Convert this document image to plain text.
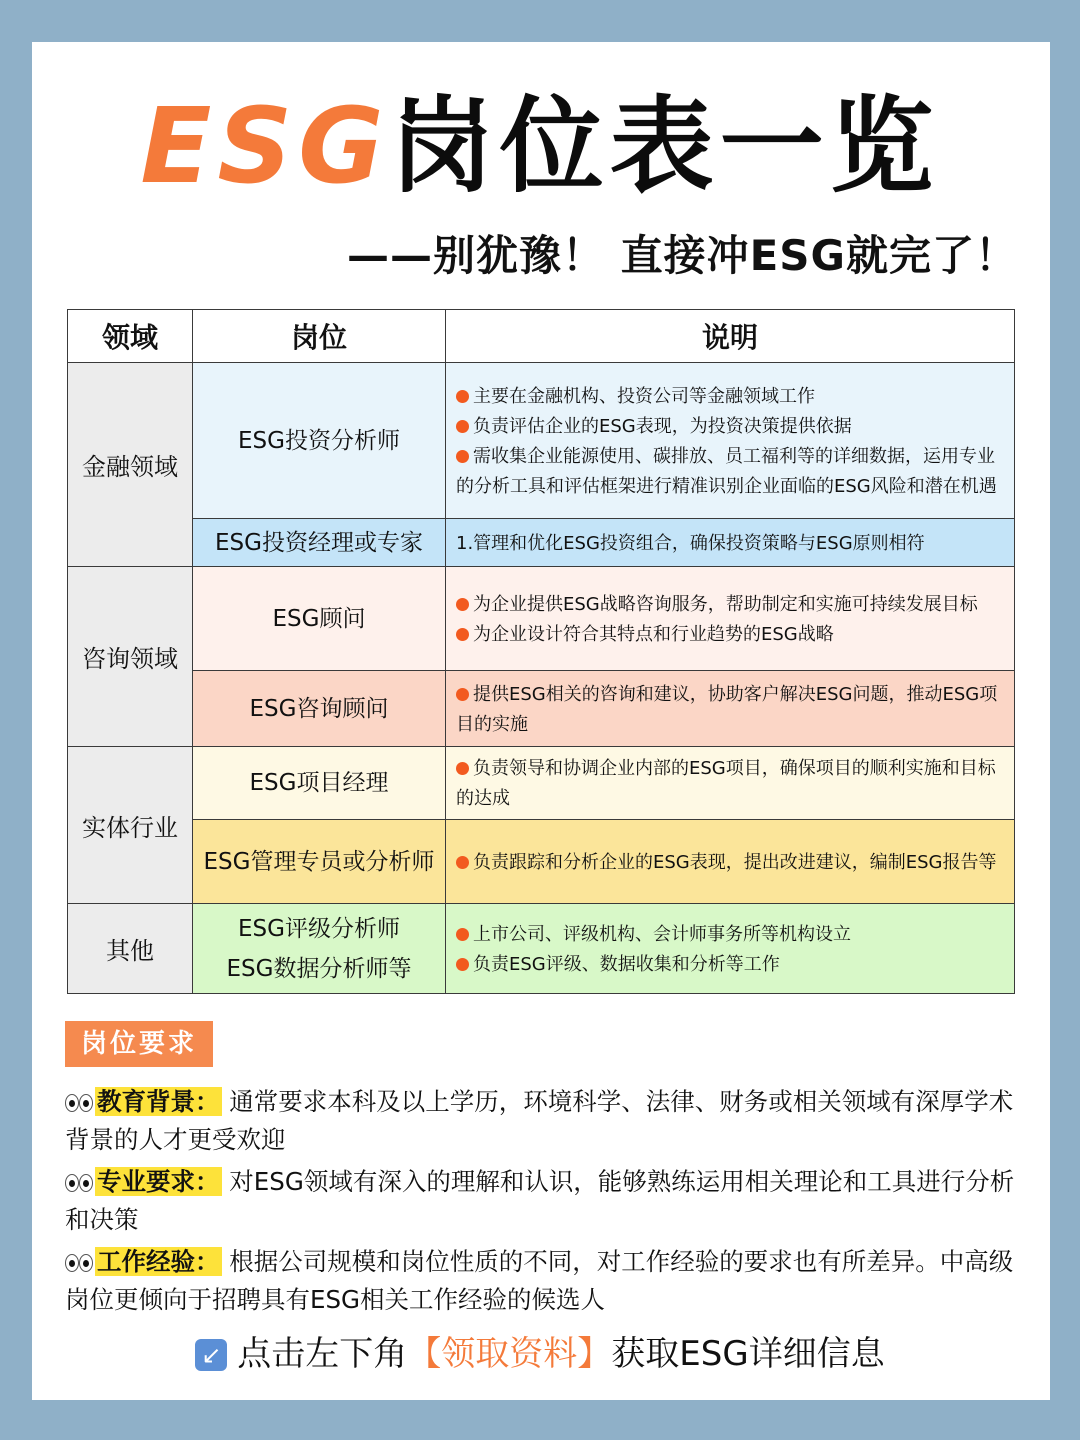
ESG岗位表一览
——别犹豫！ 直接冲ESG就完了！
领域	岗位	说明
金融领域	ESG投资分析师	主要在金融机构、投资公司等金融领域工作
负责评估企业的ESG表现，为投资决策提供依据
需收集企业能源使用、碳排放、员工福利等的详细数据，运用专业的分析工具和评估框架进行精准识别企业面临的ESG风险和潜在机遇

	ESG投资经理或专家	1.管理和优化ESG投资组合，确保投资策略与ESG原则相符

咨询领域	ESG顾问	为企业提供ESG战略咨询服务，帮助制定和实施可持续发展目标
为企业设计符合其特点和行业趋势的ESG战略

	ESG咨询顾问	提供ESG相关的咨询和建议，协助客户解决ESG问题，推动ESG项目的实施

实体行业	ESG项目经理	负责领导和协调企业内部的ESG项目，确保项目的顺利实施和目标的达成

	ESG管理专员或分析师	负责跟踪和分析企业的ESG表现，提出改进建议，编制ESG报告等

其他	ESG评级分析师
ESG数据分析师等	上市公司、评级机构、会计师事务所等机构设立
负责ESG评级、数据收集和分析等工作
岗位要求
教育背景： 通常要求本科及以上学历，环境科学、法律、财务或相关领域有深厚学术背景的人才更受欢迎
专业要求： 对ESG领域有深入的理解和认识，能够熟练运用相关理论和工具进行分析和决策
工作经验： 根据公司规模和岗位性质的不同，对工作经验的要求也有所差异。中高级岗位更倾向于招聘具有ESG相关工作经验的候选人
↙ 点击左下角【领取资料】获取ESG详细信息
